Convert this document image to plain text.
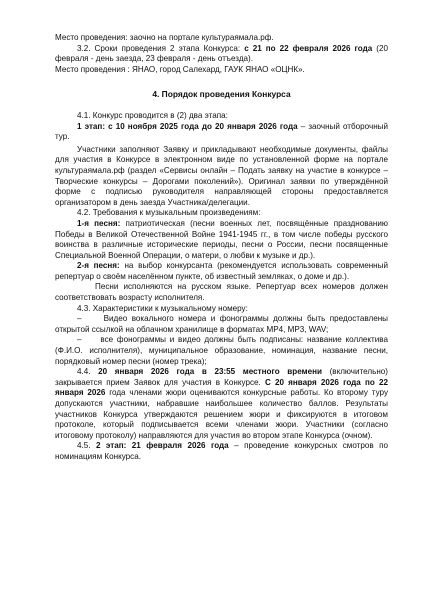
Место проведения: заочно на портале культураямала.рф.

3.2. Сроки проведения 2 этапа Конкурса: с 21 по 22 февраля 2026 года (20 февраля - день заезда, 23 февраля - день отъезда).

Место проведения : ЯНАО, город Салехард, ГАУК ЯНАО «ОЦНК».

4. Порядок проведения Конкурса

4.1. Конкурс проводится в (2) два этапа:

1 этап: с 10 ноября 2025 года до 20 января 2026 года – заочный отборочный тур.

Участники заполняют Заявку и прикладывают необходимые документы, файлы для участия в Конкурсе в электронном виде по установленной форме на портале культураямала.рф (раздел «Сервисы онлайн – Подать заявку на участие в конкурсе – Творческие конкурсы – Дорогами поколений»). Оригинал заявки по утверждённой форме с подписью руководителя направляющей стороны предоставляется организатором в день заезда Участника/делегации.

4.2. Требования к музыкальным произведениям:

1-я песня: патриотическая (песни военных лет, посвящённые празднованию Победы в Великой Отечественной Войне 1941-1945 гг., в том числе победы русского воинства в различные исторические периоды, песни о России, песни посвященные Специальной Военной Операции, о матери, о любви к музыке и др.).

2-я песня: на выбор конкурсанта (рекомендуется использовать современный репертуар о своём населённом пункте, об известный земляках, о доме и др.).

Песни исполняются на русском языке. Репертуар всех номеров должен соответствовать возрасту исполнителя.

4.3. Характеристики к музыкальному номеру:

–     Видео вокального номера и фонограммы должны быть предоставлены открытой ссылкой на облачном хранилище в форматах MP4, MP3, WAV;

–     все фонограммы и видео должны быть подписаны: название коллектива (Ф.И.О. исполнителя), муниципальное образование, номинация, название песни, порядковый номер песни (номер трека);

4.4. 20 января 2026 года в 23:55 местного времени (включительно) закрывается прием Заявок для участия в Конкурсе. С 20 января 2026 года по 22 января 2026 года членами жюри оцениваются конкурсные работы. Ко второму туру допускаются участники, набравшие наибольшее количество баллов. Результаты участников Конкурса утверждаются решением жюри и фиксируются в итоговом протоколе, который подписывается всеми членами жюри. Участники (согласно итоговому протоколу) направляются для участия во втором этапе Конкурса (очном).

4.5. 2 этап: 21 февраля 2026 года – проведение конкурсных смотров по номинациям Конкурса.
